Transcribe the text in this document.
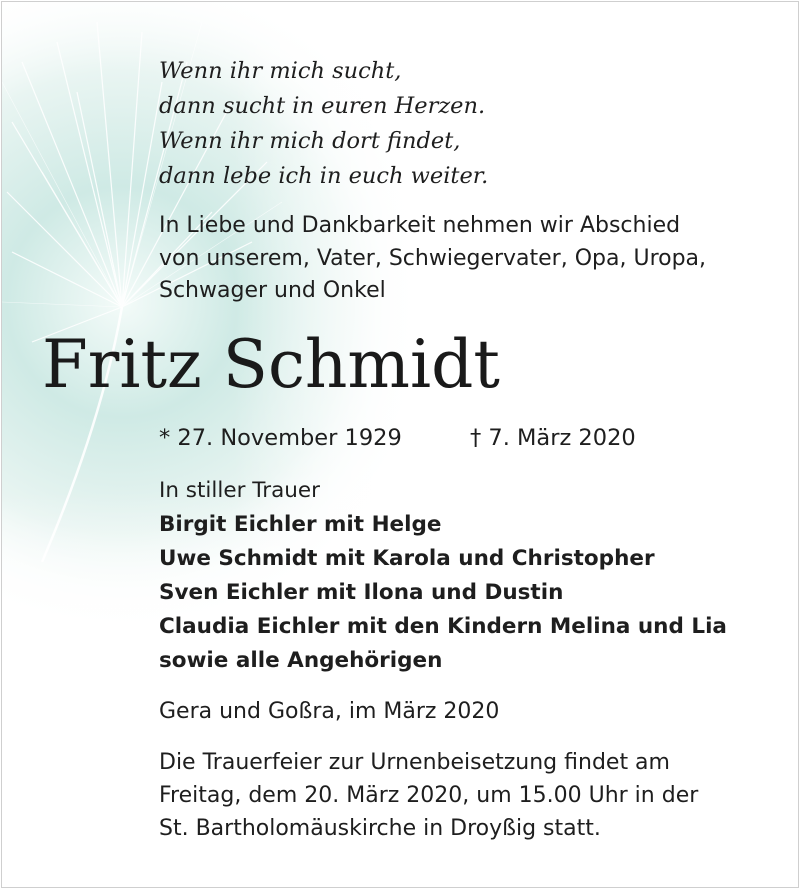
Wenn ihr mich sucht,
dann sucht in euren Herzen.
Wenn ihr mich dort findet,
dann lebe ich in euch weiter.
In Liebe und Dankbarkeit nehmen wir Abschied
von unserem, Vater, Schwiegervater, Opa, Uropa,
Schwager und Onkel
Fritz Schmidt
* 27. November 1929	† 7. März 2020
In stiller Trauer
Birgit Eichler mit Helge
Uwe Schmidt mit Karola und Christopher
Sven Eichler mit Ilona und Dustin
Claudia Eichler mit den Kindern Melina und Lia
sowie alle Angehörigen
Gera und Goßra, im März 2020
Die Trauerfeier zur Urnenbeisetzung findet am
Freitag, dem 20. März 2020, um 15.00 Uhr in der
St. Bartholomäuskirche in Droyßig statt.
